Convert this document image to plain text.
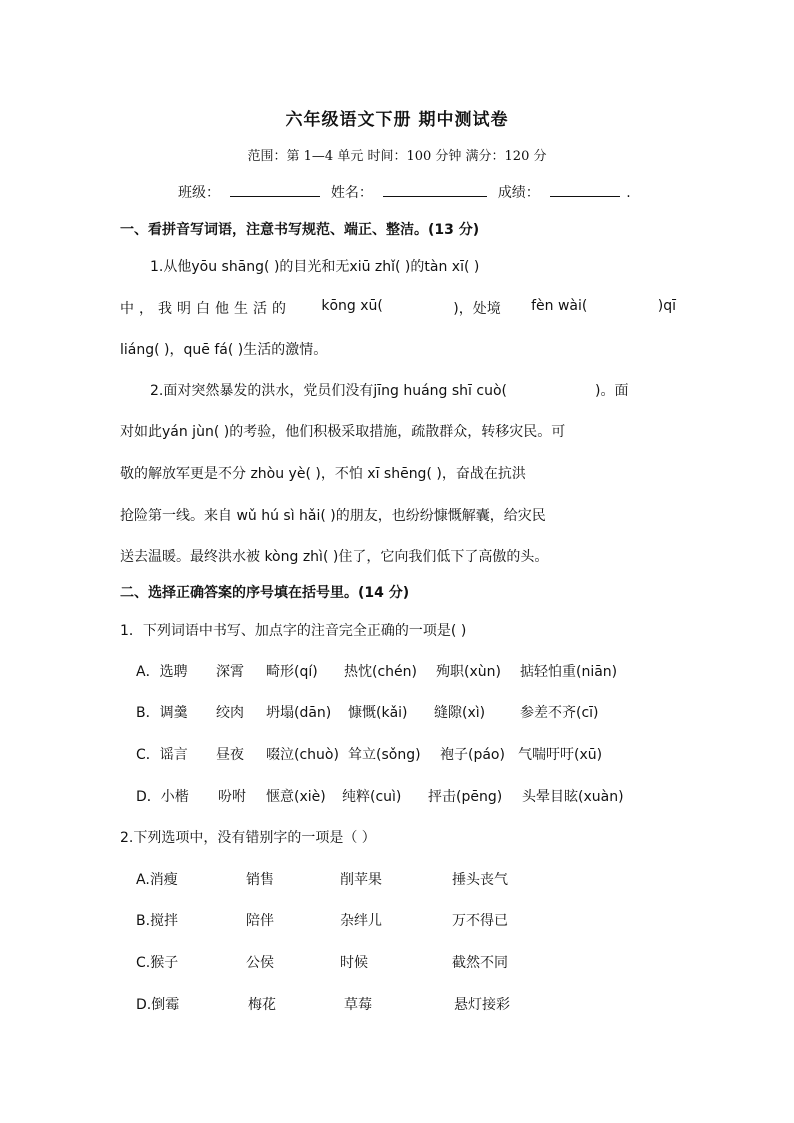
六年级语文下册 期中测试卷
范围：第 1—4 单元 时间：100 分钟 满分：120 分
班级：	姓名：	成绩：	.
一、看拼音写词语，注意书写规范、端正、整洁。(13 分)
1.从他yōu shāng( )的目光和无xiū zhǐ( )的tàn xī( )
中，我明白他生活的 kōng xū(	)，处境 fèn wài(	)qī
liáng( )，quē fá( )生活的激情。
2.面对突然暴发的洪水，党员们没有jīng huáng shī cuò(	)。面
对如此yán jùn( )的考验，他们积极采取措施，疏散群众，转移灾民。可
敬的解放军更是不分 zhòu yè( )，不怕 xī shēng( )，奋战在抗洪
抢险第一线。来自 wǔ hú sì hǎi( )的朋友，也纷纷慷慨解囊，给灾民
送去温暖。最终洪水被 kòng zhì( )住了，它向我们低下了高傲的头。
二、选择正确答案的序号填在括号里。(14 分)
1．下列词语中书写、加点字的注音完全正确的一项是( )
A．选聘 深霄 畸形(qí) 热忱(chén) 殉职(xùn) 掂轻怕重(niān)
B．调羹 绞肉 坍塌(dān) 慷慨(kǎi) 缝隙(xì) 参差不齐(cī)
C．谣言 昼夜 啜泣(chuò) 耸立(sǒng) 袍子(páo) 气喘吁吁(xū)
D．小楷 吩咐 惬意(xiè) 纯粹(cuì) 抨击(pēng) 头晕目眩(xuàn)
2.下列选项中，没有错别字的一项是（ ）
A.消瘦	销售	削苹果	捶头丧气
B.搅拌	陪伴	杂绊儿	万不得已
C.猴子	公侯	时候	截然不同
D.倒霉	梅花	草莓	悬灯接彩
